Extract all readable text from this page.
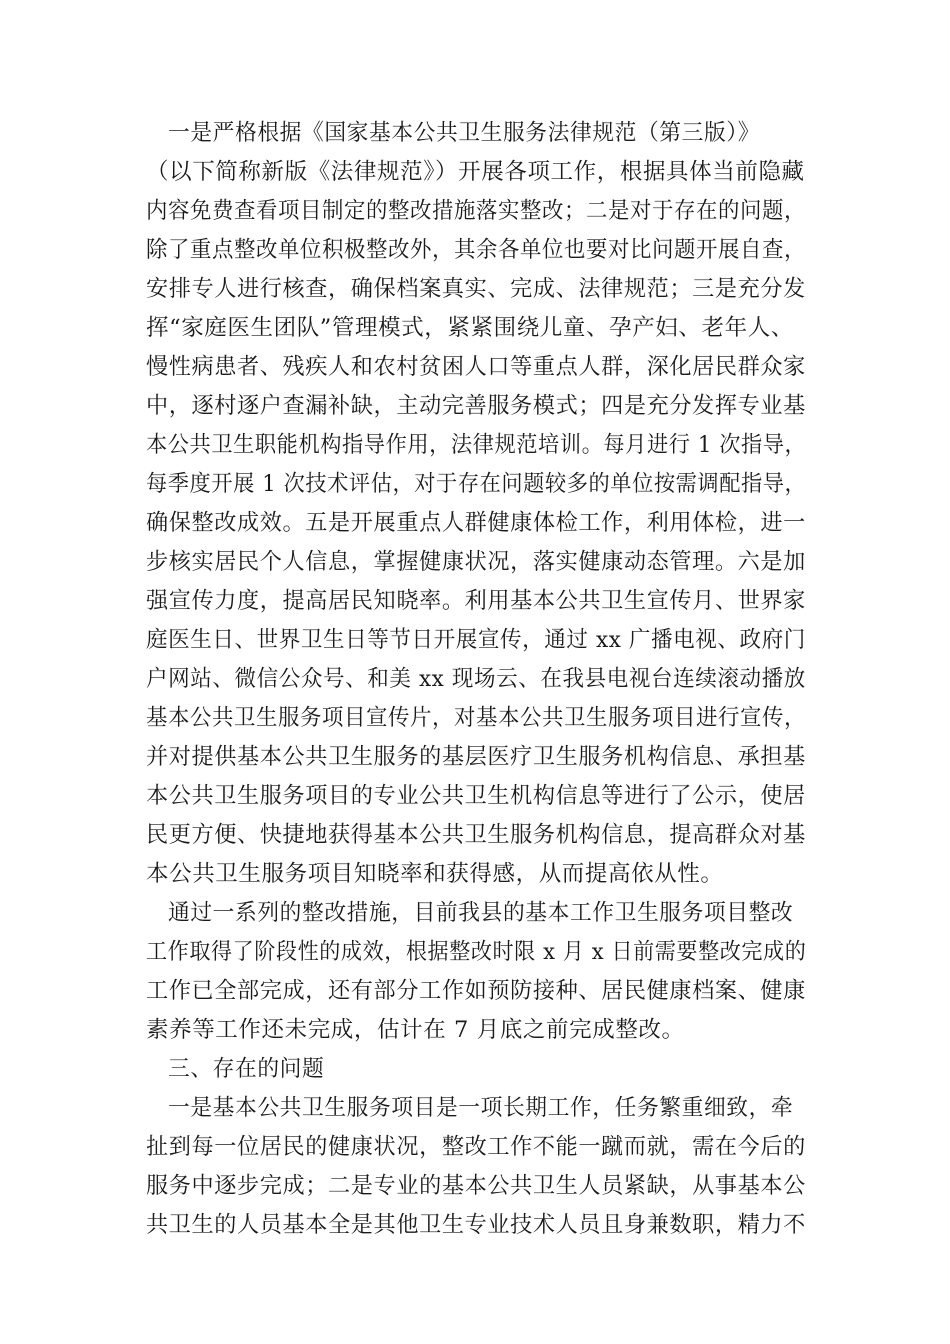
一是严格根据《国家基本公共卫生服务法律规范（第三版）》
（以下简称新版《法律规范》）开展各项工作，根据具体当前隐藏
内容免费查看项目制定的整改措施落实整改；二是对于存在的问题，
除了重点整改单位积极整改外，其余各单位也要对比问题开展自查，
安排专人进行核查，确保档案真实、完成、法律规范；三是充分发
挥“家庭医生团队”管理模式，紧紧围绕儿童、孕产妇、老年人、
慢性病患者、残疾人和农村贫困人口等重点人群，深化居民群众家
中，逐村逐户查漏补缺，主动完善服务模式；四是充分发挥专业基
本公共卫生职能机构指导作用，法律规范培训。每月进行 1 次指导，
每季度开展 1 次技术评估，对于存在问题较多的单位按需调配指导，
确保整改成效。五是开展重点人群健康体检工作，利用体检，进一
步核实居民个人信息，掌握健康状况，落实健康动态管理。六是加
强宣传力度，提高居民知晓率。利用基本公共卫生宣传月、世界家
庭医生日、世界卫生日等节日开展宣传，通过 xx 广播电视、政府门
户网站、微信公众号、和美 xx 现场云、在我县电视台连续滚动播放
基本公共卫生服务项目宣传片，对基本公共卫生服务项目进行宣传，
并对提供基本公共卫生服务的基层医疗卫生服务机构信息、承担基
本公共卫生服务项目的专业公共卫生机构信息等进行了公示，使居
民更方便、快捷地获得基本公共卫生服务机构信息，提高群众对基
本公共卫生服务项目知晓率和获得感，从而提高依从性。
通过一系列的整改措施，目前我县的基本工作卫生服务项目整改
工作取得了阶段性的成效，根据整改时限 x 月 x 日前需要整改完成的
工作已全部完成，还有部分工作如预防接种、居民健康档案、健康
素养等工作还未完成，估计在 7 月底之前完成整改。
三、存在的问题
一是基本公共卫生服务项目是一项长期工作，任务繁重细致，牵
扯到每一位居民的健康状况，整改工作不能一蹴而就，需在今后的
服务中逐步完成；二是专业的基本公共卫生人员紧缺，从事基本公
共卫生的人员基本全是其他卫生专业技术人员且身兼数职，精力不
